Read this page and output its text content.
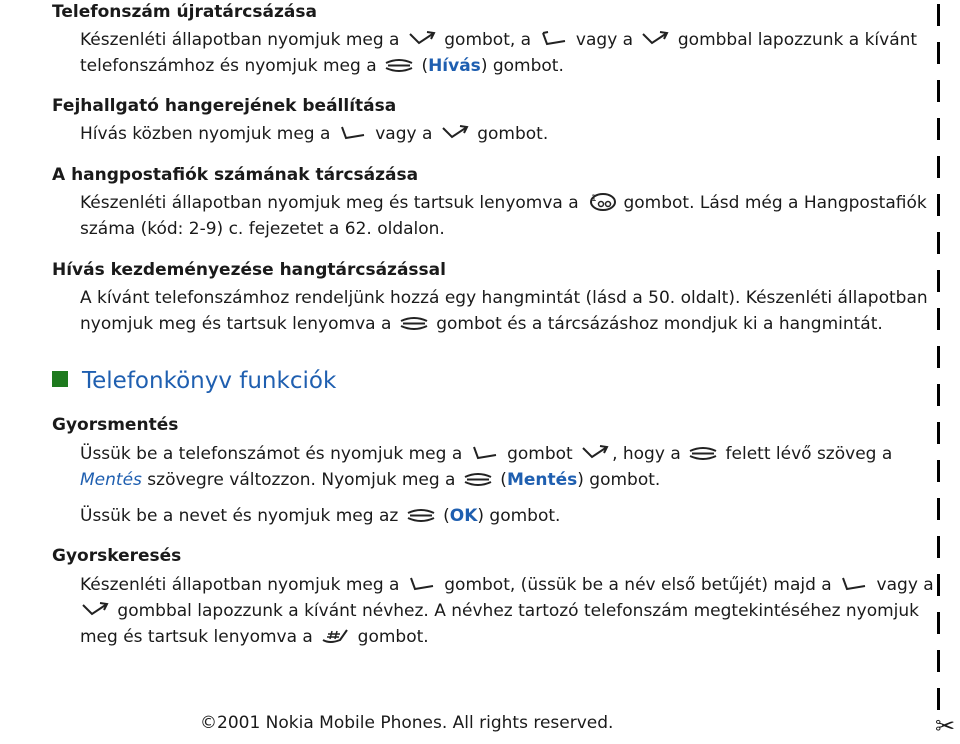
Telefonszám újratárcsázása
Készenléti állapotban nyomjuk meg a	gombot, a	vagy a	gombbal lapozzunk a kívánt
telefonszámhoz és nyomjuk meg a	(Hívás) gombot.
Fejhallgató hangerejének beállítása
Hívás közben nyomjuk meg a	vagy a	gombot.
A hangpostafiók számának tárcsázása
Készenléti állapotban nyomjuk meg és tartsuk lenyomva a 1 gombot. Lásd még a Hangpostafiók
száma (kód: 2-9) c. fejezetet a 62. oldalon.
Hívás kezdeményezése hangtárcsázással
A kívánt telefonszámhoz rendeljünk hozzá egy hangmintát (lásd a 50. oldalt). Készenléti állapotban
nyomjuk meg és tartsuk lenyomva a	gombot és a tárcsázáshoz mondjuk ki a hangmintát.
Telefonkönyv funkciók
Gyorsmentés
Üssük be a telefonszámot és nyomjuk meg a	gombot , hogy a	felett lévő szöveg a
Mentés szövegre változzon. Nyomjuk meg a	(Mentés) gombot.
Üssük be a nevet és nyomjuk meg az	(OK) gombot.
Gyorskeresés
Készenléti állapotban nyomjuk meg a	gombot, (üssük be a név első betűjét) majd a	vagy a
gombbal lapozzunk a kívánt névhez. A névhez tartozó telefonszám megtekintéséhez nyomjuk
meg és tartsuk lenyomva a	gombot.
©2001 Nokia Mobile Phones. All rights reserved.	✂
